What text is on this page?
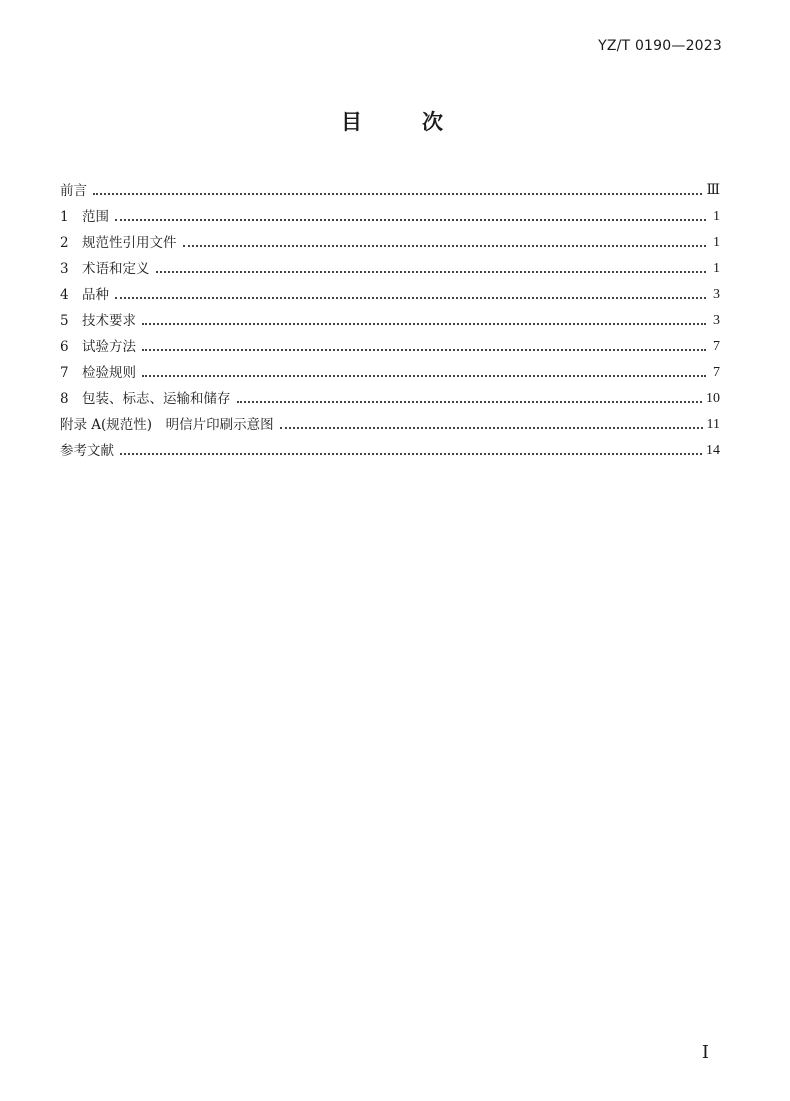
YZ/T 0190—2023
目　　次
前言	Ⅲ
1 范围	1
2 规范性引用文件	1
3 术语和定义	1
4 品种	3
5 技术要求	3
6 试验方法	7
7 检验规则	7
8 包装、标志、运输和储存	10
附录 A(规范性)　明信片印刷示意图	11
参考文献	14
Ⅰ
